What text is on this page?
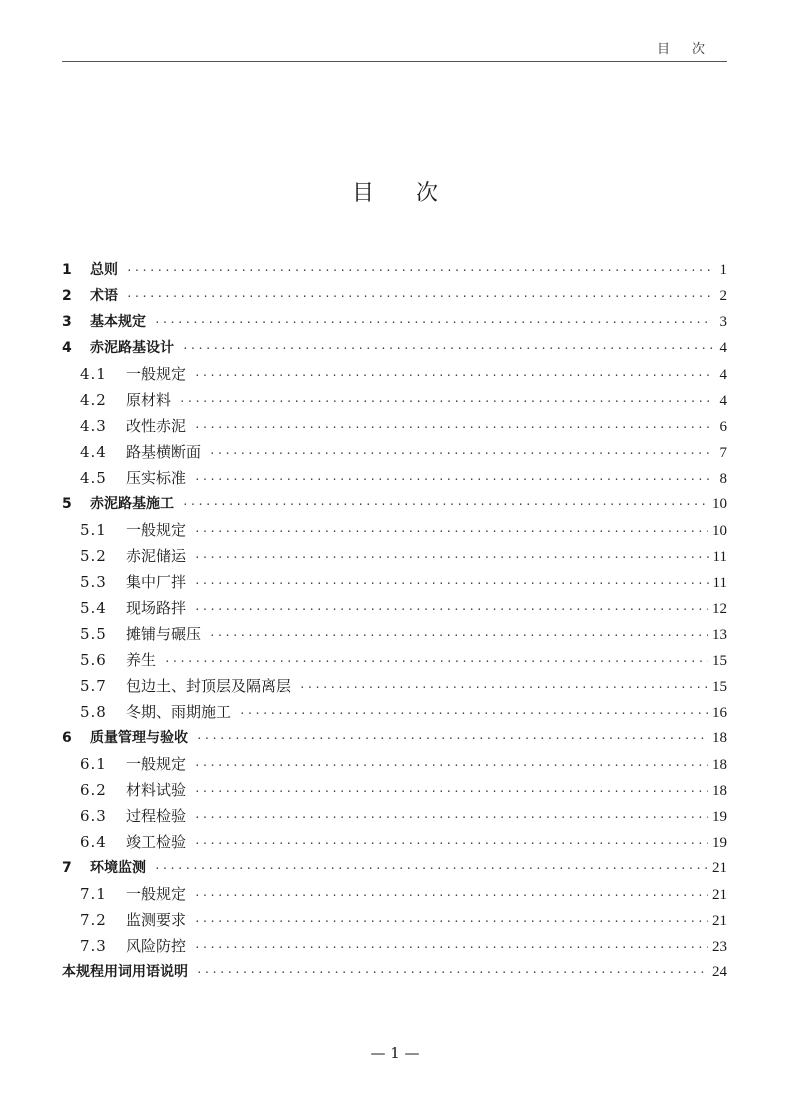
目次
目次
1	总则 ·····	1
2	术语 ·····	2
3	基本规定 ·····	3
4	赤泥路基设计 ·····	4
4.1	一般规定 ·····	4
4.2	原材料 ·····	4
4.3	改性赤泥 ·····	6
4.4	路基横断面 ·····	7
4.5	压实标准 ·····	8
5	赤泥路基施工 ·····	10
5.1	一般规定 ·····	10
5.2	赤泥储运 ·····	11
5.3	集中厂拌 ·····	11
5.4	现场路拌 ·····	12
5.5	摊铺与碾压 ·····	13
5.6	养生 ·····	15
5.7	包边土、封顶层及隔离层 ·····	15
5.8	冬期、雨期施工 ·····	16
6	质量管理与验收 ·····	18
6.1	一般规定 ·····	18
6.2	材料试验 ·····	18
6.3	过程检验 ·····	19
6.4	竣工检验 ·····	19
7	环境监测 ·····	21
7.1	一般规定 ·····	21
7.2	监测要求 ·····	21
7.3	风险防控 ·····	23
本规程用词用语说明 ·····	24
— 1 —
